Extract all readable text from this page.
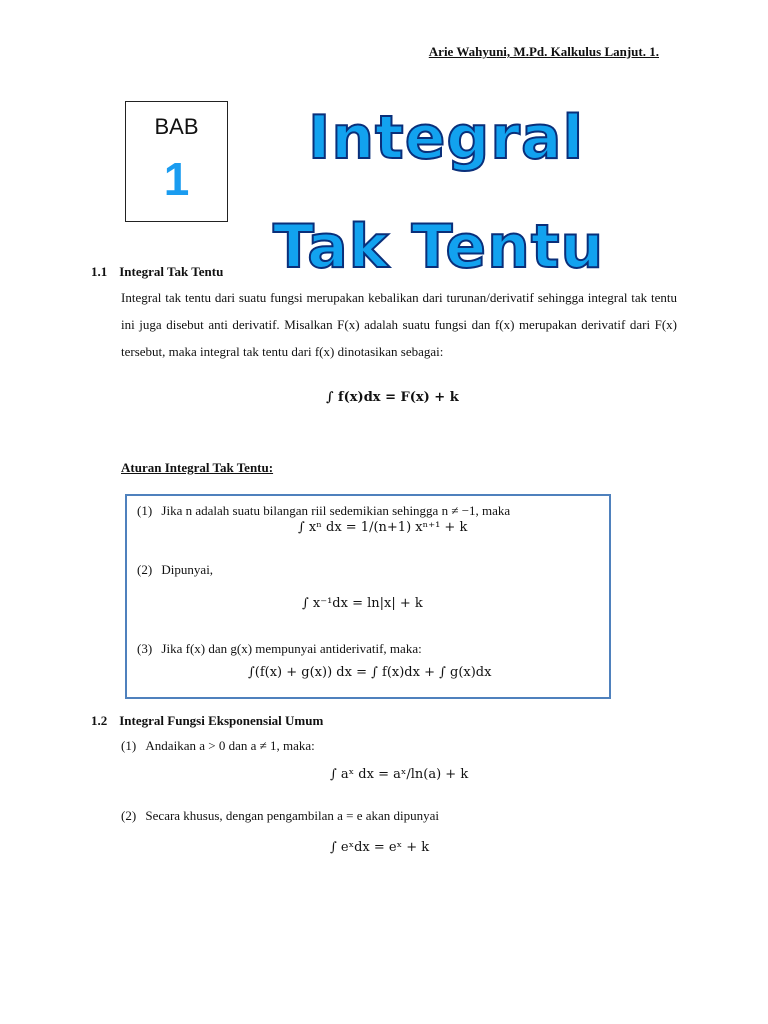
Arie Wahyuni, M.Pd. Kalkulus Lanjut. 1.
BAB
1
Integral
Tak Tentu
1.1 Integral Tak Tentu
Integral tak tentu dari suatu fungsi merupakan kebalikan dari turunan/derivatif sehingga integral tak tentu ini juga disebut anti derivatif. Misalkan F(x) adalah suatu fungsi dan f(x) merupakan derivatif dari F(x) tersebut, maka integral tak tentu dari f(x) dinotasikan sebagai:
∫ f(x)dx = F(x) + k
Aturan Integral Tak Tentu:
(1) Jika n adalah suatu bilangan riil sedemikian sehingga n ≠ −1, maka
∫ xⁿ dx = 1/(n+1) xⁿ⁺¹ + k
(2) Dipunyai,
∫ x⁻¹dx = ln|x| + k
(3) Jika f(x) dan g(x) mempunyai antiderivatif, maka:
∫(f(x) + g(x)) dx = ∫ f(x)dx + ∫ g(x)dx
1.2 Integral Fungsi Eksponensial Umum
(1) Andaikan a > 0 dan a ≠ 1, maka:
∫ aˣ dx = aˣ/ln(a) + k
(2) Secara khusus, dengan pengambilan a = e akan dipunyai
∫ eˣdx = eˣ + k
